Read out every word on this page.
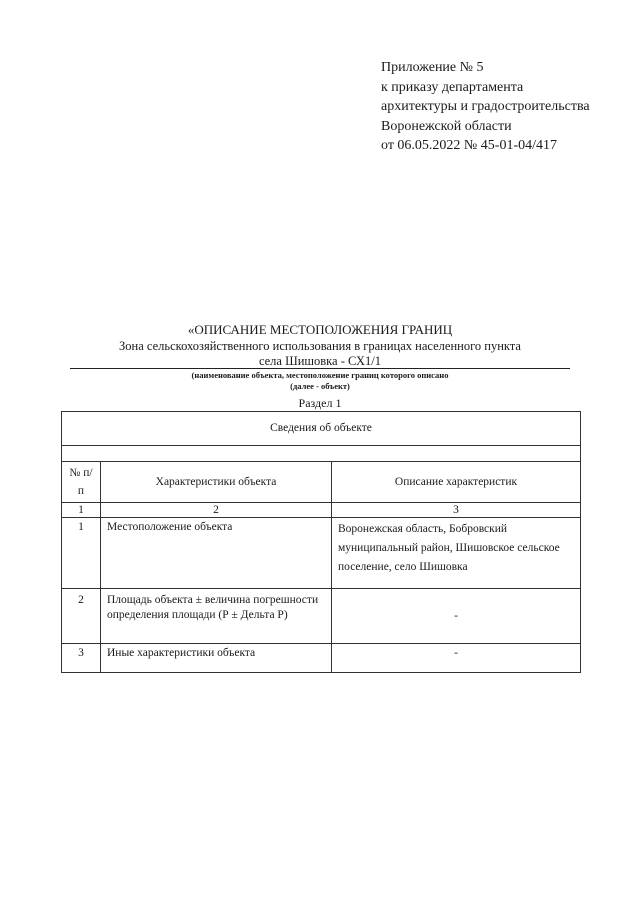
Приложение № 5
к приказу департамента
архитектуры и градостроительства
Воронежской области
от 06.05.2022 № 45-01-04/417
«ОПИСАНИЕ МЕСТОПОЛОЖЕНИЯ ГРАНИЦ
Зона сельскохозяйственного использования в границах населенного пункта
села Шишовка - СХ1/1
(наименование объекта, местоположение границ которого описано
(далее - объект)
Раздел 1
Сведения об объекте		

№ п/п	Характеристики объекта	Описание характеристик
1	2	3
1	Местоположение объекта	Воронежская область, Бобровский муниципальный район, Шишовское сельское поселение, село Шишовка
2	Площадь объекта ± величина погрешности определения площади (Р ± Дельта Р)	-
3	Иные характеристики объекта	-
